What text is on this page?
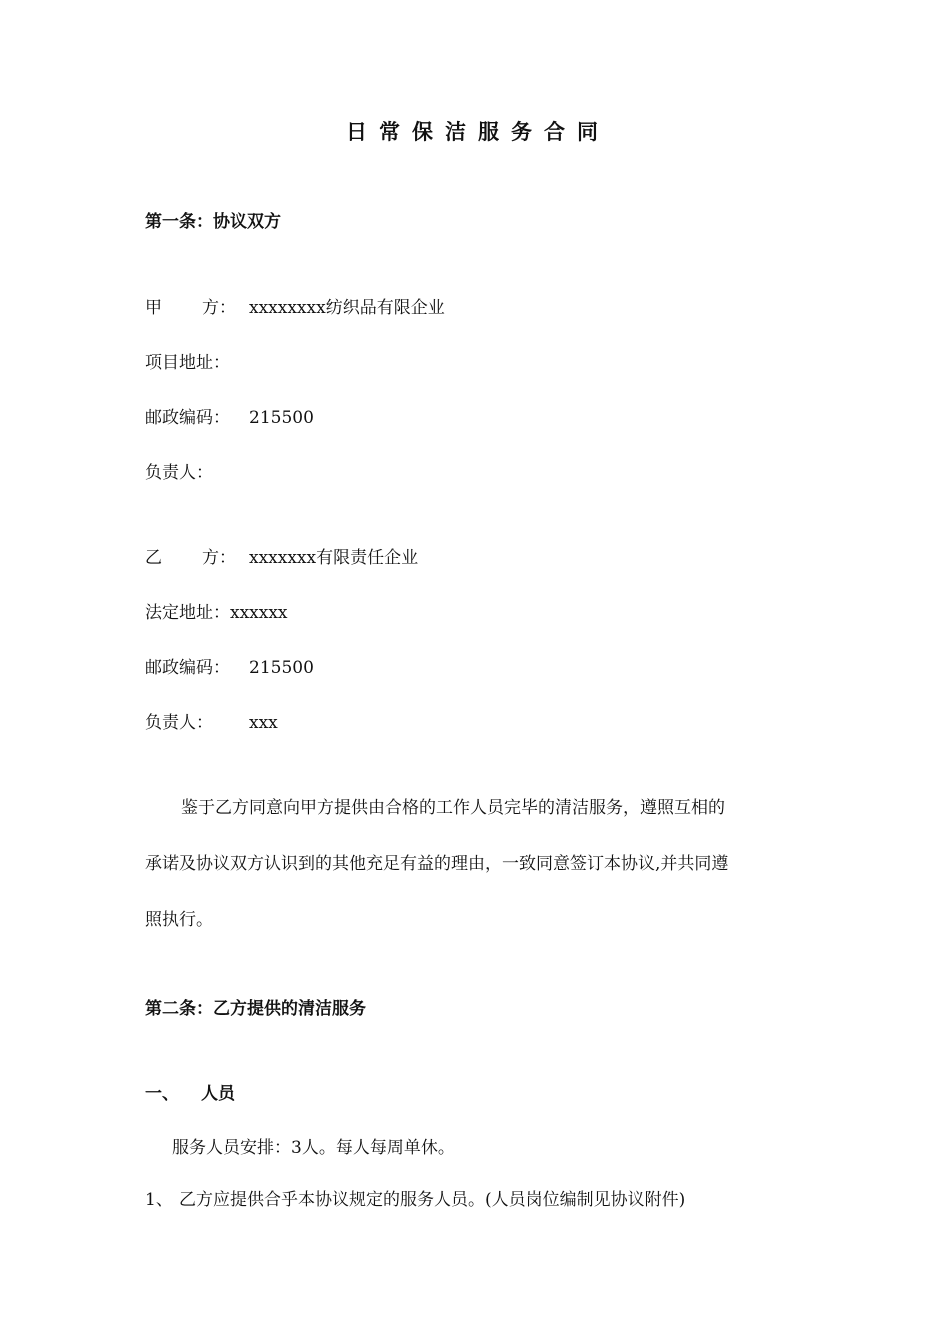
日常保洁服务合同
第一条：协议双方
甲 方： xxxxxxxx纺织品有限企业
项目地址：
邮政编码： 215500
负责人：
乙 方： xxxxxxx有限责任企业
法定地址：xxxxxx
邮政编码： 215500
负责人： xxx
鉴于乙方同意向甲方提供由合格的工作人员完毕的清洁服务，遵照互相的
承诺及协议双方认识到的其他充足有益的理由，一致同意签订本协议,并共同遵
照执行。
第二条：乙方提供的清洁服务
一、 人员
服务人员安排：3人。每人每周单休。
1、 乙方应提供合乎本协议规定的服务人员。(人员岗位编制见协议附件)
